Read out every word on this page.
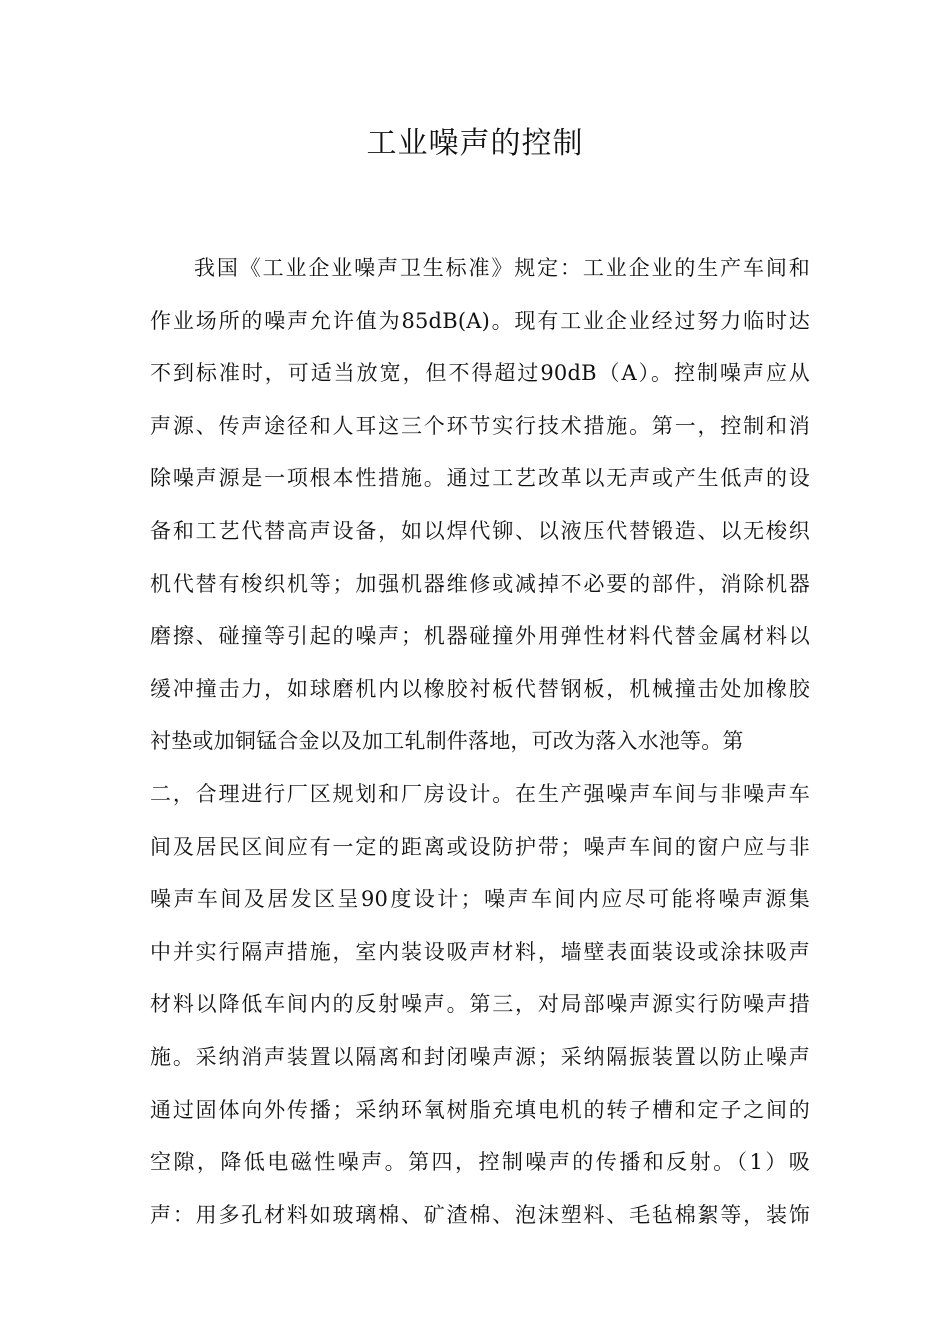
工业噪声的控制
我国《工业企业噪声卫生标准》规定：工业企业的生产车间和
作业场所的噪声允许值为85dB(A)。现有工业企业经过努力临时达
不到标准时，可适当放宽，但不得超过90dB（A）。控制噪声应从
声源、传声途径和人耳这三个环节实行技术措施。第一，控制和消
除噪声源是一项根本性措施。通过工艺改革以无声或产生低声的设
备和工艺代替高声设备，如以焊代铆、以液压代替锻造、以无梭织
机代替有梭织机等；加强机器维修或减掉不必要的部件，消除机器
磨擦、碰撞等引起的噪声；机器碰撞外用弹性材料代替金属材料以
缓冲撞击力，如球磨机内以橡胶衬板代替钢板，机械撞击处加橡胶
衬垫或加铜锰合金以及加工轧制件落地，可改为落入水池等。第
二，合理进行厂区规划和厂房设计。在生产强噪声车间与非噪声车
间及居民区间应有一定的距离或设防护带；噪声车间的窗户应与非
噪声车间及居发区呈90度设计；噪声车间内应尽可能将噪声源集
中并实行隔声措施，室内装设吸声材料，墙壁表面装设或涂抹吸声
材料以降低车间内的反射噪声。第三，对局部噪声源实行防噪声措
施。采纳消声装置以隔离和封闭噪声源；采纳隔振装置以防止噪声
通过固体向外传播；采纳环氧树脂充填电机的转子槽和定子之间的
空隙，降低电磁性噪声。第四，控制噪声的传播和反射。（1）吸
声：用多孔材料如玻璃棉、矿渣棉、泡沫塑料、毛毡棉絮等，装饰
